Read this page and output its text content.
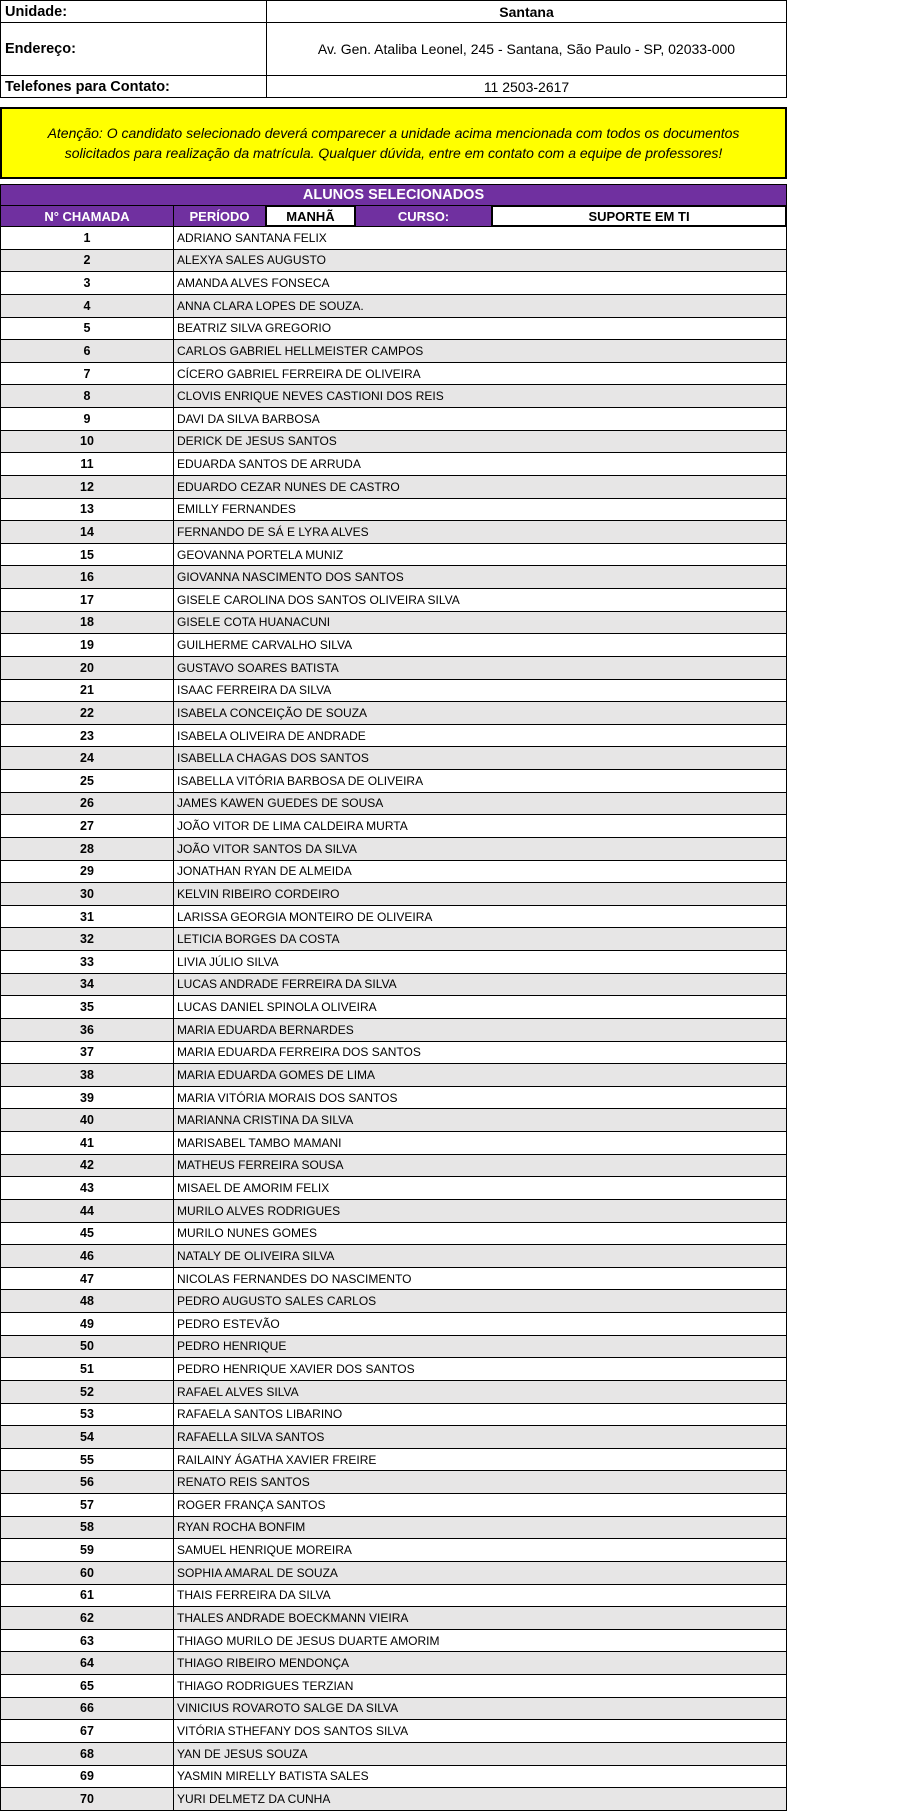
Unidade:	Santana
Endereço:	Av. Gen. Ataliba Leonel, 245 - Santana, São Paulo - SP, 02033-000
Telefones para Contato:	11 2503-2617
Atenção: O candidato selecionado deverá comparecer a unidade acima mencionada com todos os documentos solicitados para realização da matrícula. Qualquer dúvida, entre em contato com a equipe de professores!
ALUNOS SELECIONADOS
N° CHAMADA	PERÍODO	MANHÃ	CURSO:	SUPORTE EM TI
1	ADRIANO SANTANA FELIX
2	ALEXYA SALES AUGUSTO
3	AMANDA ALVES FONSECA
4	ANNA CLARA LOPES DE SOUZA.
5	BEATRIZ SILVA GREGORIO
6	CARLOS GABRIEL HELLMEISTER CAMPOS
7	CÍCERO GABRIEL FERREIRA DE OLIVEIRA
8	CLOVIS ENRIQUE NEVES CASTIONI DOS REIS
9	DAVI DA SILVA BARBOSA
10	DERICK DE JESUS SANTOS
11	EDUARDA SANTOS DE ARRUDA
12	EDUARDO CEZAR NUNES DE CASTRO
13	EMILLY FERNANDES
14	FERNANDO DE SÁ E LYRA ALVES
15	GEOVANNA PORTELA MUNIZ
16	GIOVANNA NASCIMENTO DOS SANTOS
17	GISELE CAROLINA DOS SANTOS OLIVEIRA SILVA
18	GISELE COTA HUANACUNI
19	GUILHERME CARVALHO SILVA
20	GUSTAVO SOARES BATISTA
21	ISAAC FERREIRA DA SILVA
22	ISABELA CONCEIÇÃO DE SOUZA
23	ISABELA OLIVEIRA DE ANDRADE
24	ISABELLA CHAGAS DOS SANTOS
25	ISABELLA VITÓRIA BARBOSA DE OLIVEIRA
26	JAMES KAWEN GUEDES DE SOUSA
27	JOÃO VITOR DE LIMA CALDEIRA MURTA
28	JOÃO VITOR SANTOS DA SILVA
29	JONATHAN RYAN DE ALMEIDA
30	KELVIN RIBEIRO CORDEIRO
31	LARISSA GEORGIA MONTEIRO DE OLIVEIRA
32	LETICIA BORGES DA COSTA
33	LIVIA JÚLIO SILVA
34	LUCAS ANDRADE FERREIRA DA SILVA
35	LUCAS DANIEL SPINOLA OLIVEIRA
36	MARIA EDUARDA BERNARDES
37	MARIA EDUARDA FERREIRA DOS SANTOS
38	MARIA EDUARDA GOMES DE LIMA
39	MARIA VITÓRIA MORAIS DOS SANTOS
40	MARIANNA CRISTINA DA SILVA
41	MARISABEL TAMBO MAMANI
42	MATHEUS FERREIRA SOUSA
43	MISAEL DE AMORIM FELIX
44	MURILO ALVES RODRIGUES
45	MURILO NUNES GOMES
46	NATALY DE OLIVEIRA SILVA
47	NICOLAS FERNANDES DO NASCIMENTO
48	PEDRO AUGUSTO SALES CARLOS
49	PEDRO ESTEVÃO
50	PEDRO HENRIQUE
51	PEDRO HENRIQUE XAVIER DOS SANTOS
52	RAFAEL ALVES SILVA
53	RAFAELA SANTOS LIBARINO
54	RAFAELLA SILVA SANTOS
55	RAILAINY ÁGATHA XAVIER FREIRE
56	RENATO REIS SANTOS
57	ROGER FRANÇA SANTOS
58	RYAN ROCHA BONFIM
59	SAMUEL HENRIQUE MOREIRA
60	SOPHIA AMARAL DE SOUZA
61	THAIS FERREIRA DA SILVA
62	THALES ANDRADE BOECKMANN VIEIRA
63	THIAGO MURILO DE JESUS DUARTE AMORIM
64	THIAGO RIBEIRO MENDONÇA
65	THIAGO RODRIGUES TERZIAN
66	VINICIUS ROVAROTO SALGE DA SILVA
67	VITÓRIA STHEFANY DOS SANTOS SILVA
68	YAN DE JESUS SOUZA
69	YASMIN MIRELLY BATISTA SALES
70	YURI DELMETZ DA CUNHA
